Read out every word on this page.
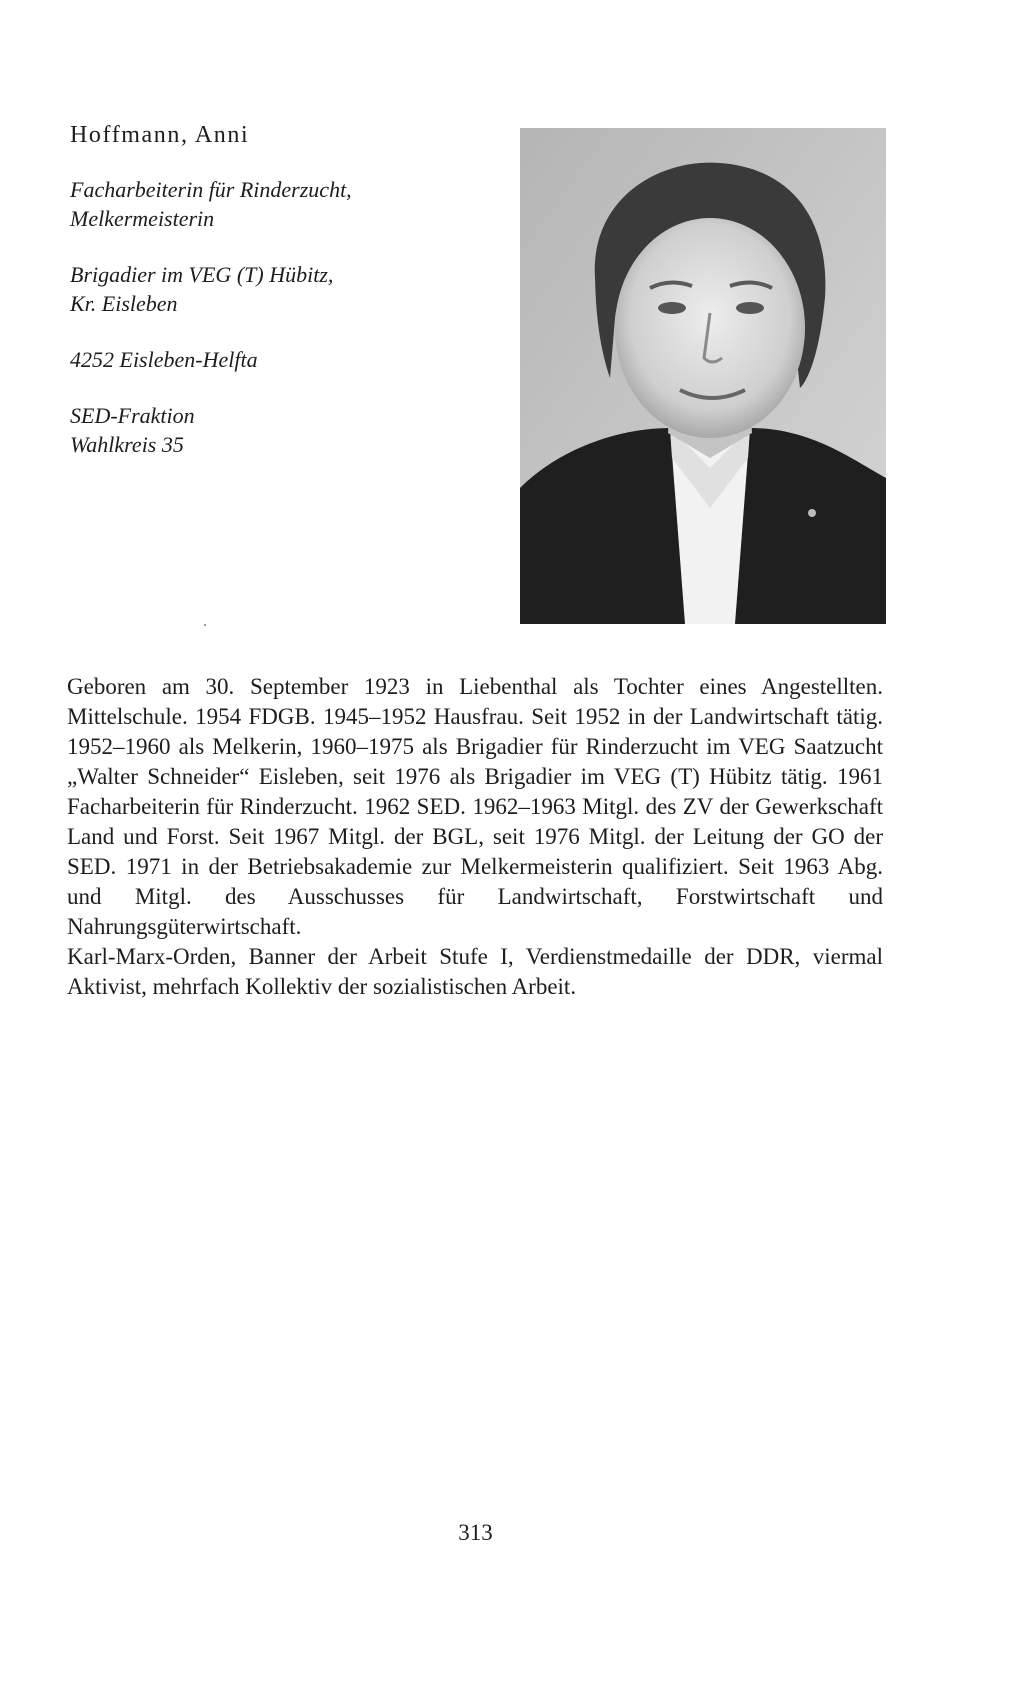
Hoffmann, Anni
Facharbeiterin für Rinderzucht,
Melkermeisterin
Brigadier im VEG (T) Hübitz,
Kr. Eisleben
4252 Eisleben-Helfta
SED-Fraktion
Wahlkreis 35

Geboren am 30. September 1923 in Liebenthal als Tochter eines Angestellten. Mittelschule. 1954 FDGB. 1945–1952 Hausfrau. Seit 1952 in der Landwirtschaft tätig. 1952–1960 als Melkerin, 1960–1975 als Brigadier für Rinderzucht im VEG Saatzucht „Walter Schneider“ Eisleben, seit 1976 als Brigadier im VEG (T) Hübitz tätig. 1961 Facharbeiterin für Rinderzucht. 1962 SED. 1962–1963 Mitgl. des ZV der Gewerkschaft Land und Forst. Seit 1967 Mitgl. der BGL, seit 1976 Mitgl. der Leitung der GO der SED. 1971 in der Betriebsakademie zur Melkermeisterin qualifiziert. Seit 1963 Abg. und Mitgl. des Ausschusses für Landwirtschaft, Forstwirtschaft und Nahrungsgüterwirtschaft.

Karl-Marx-Orden, Banner der Arbeit Stufe I, Verdienstmedaille der DDR, viermal Aktivist, mehrfach Kollektiv der sozialistischen Arbeit.

313
